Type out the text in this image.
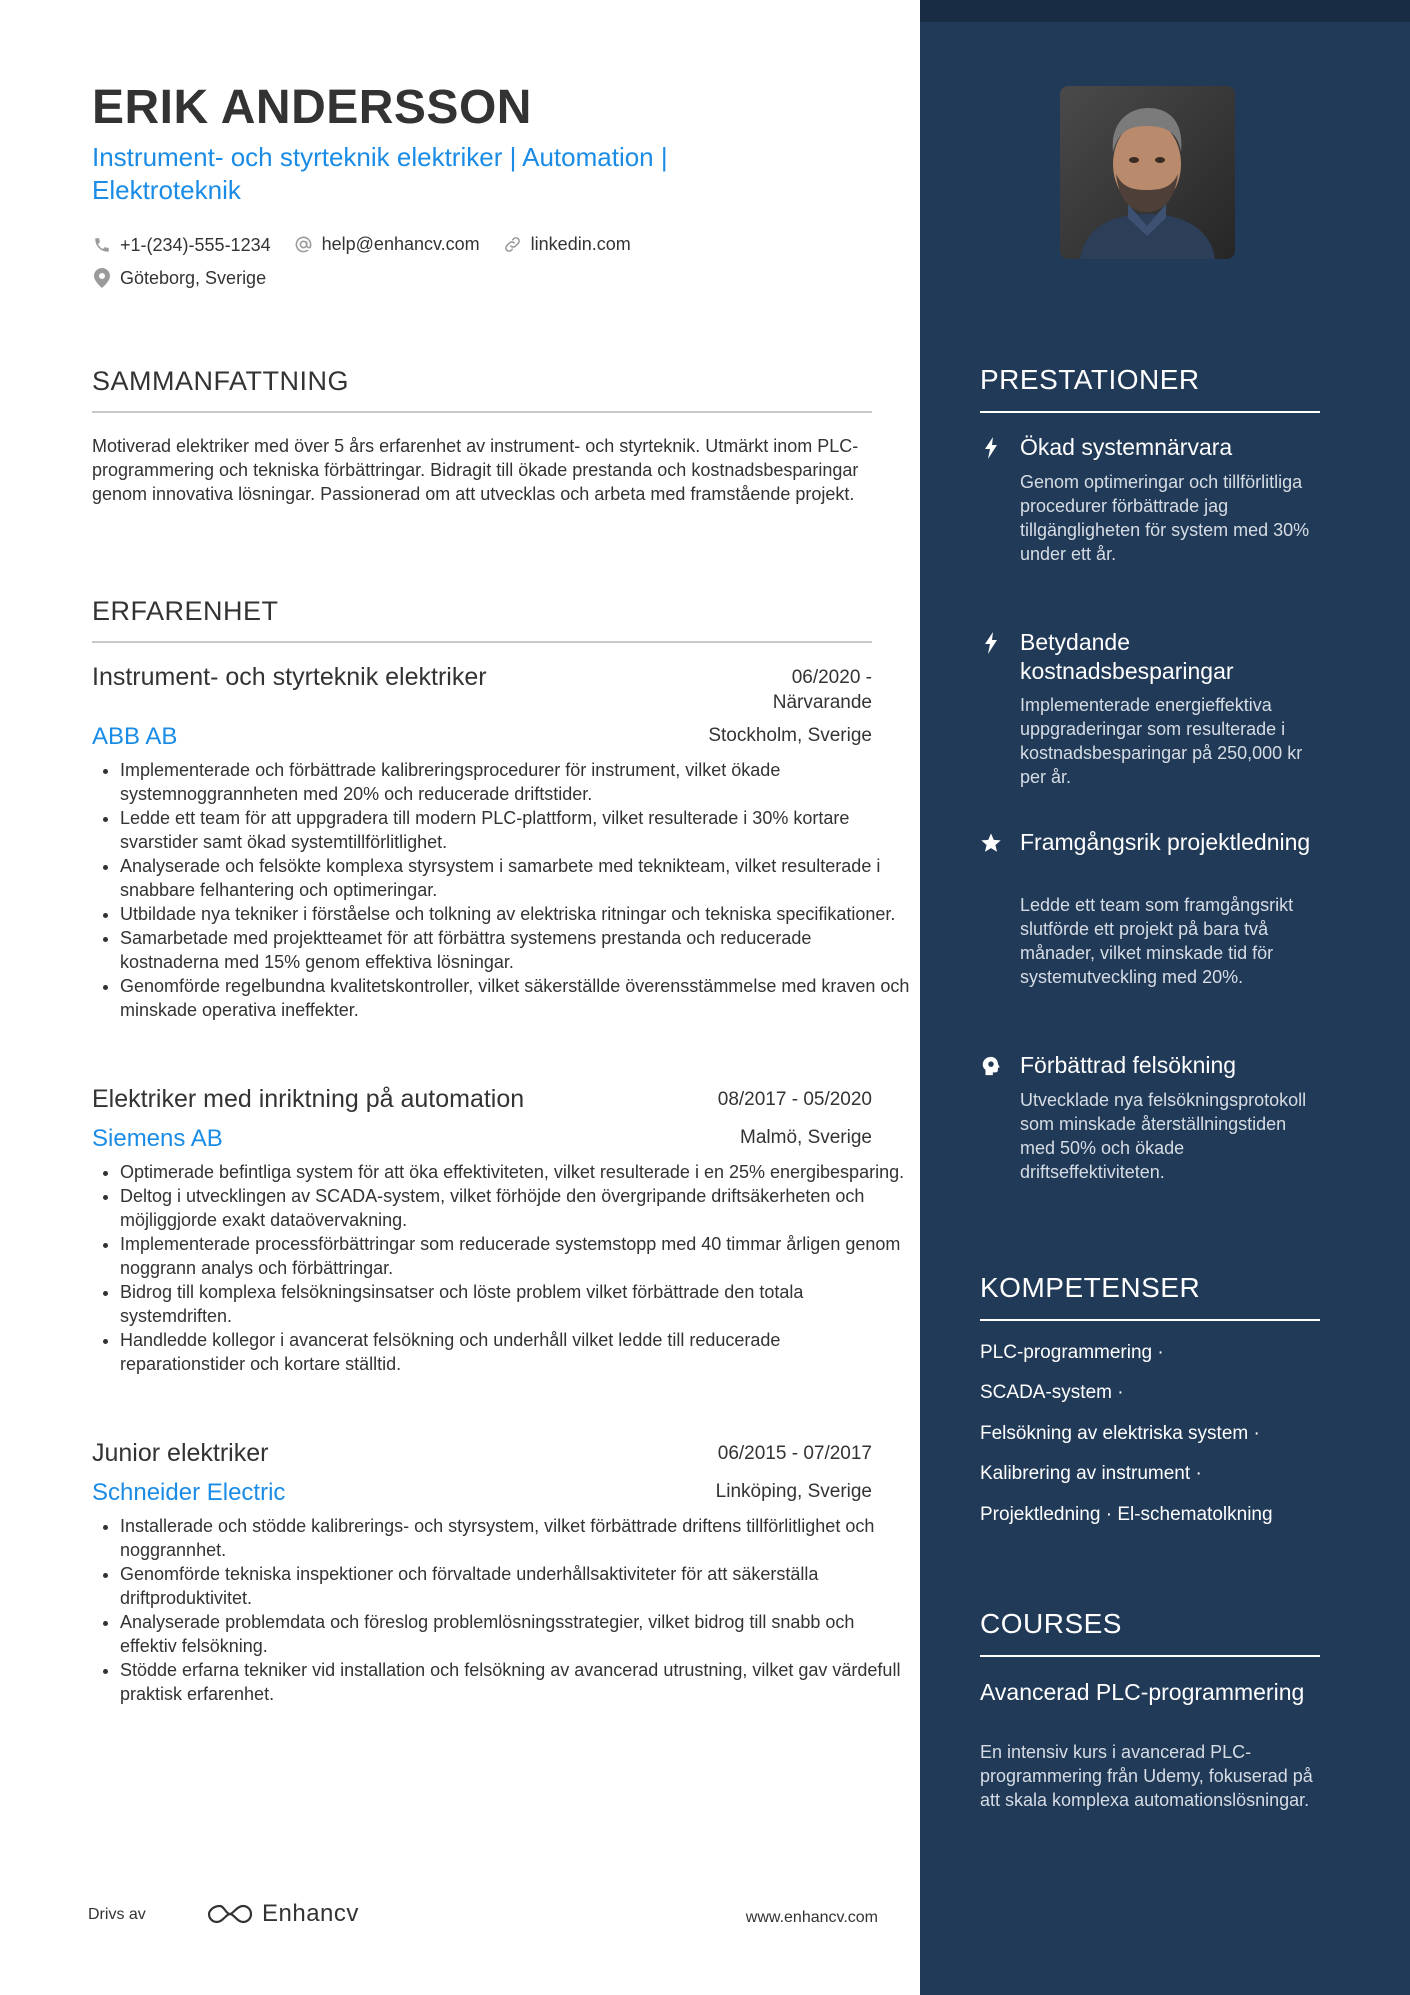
ERIK ANDERSSON
Instrument- och styrteknik elektriker | Automation | Elektroteknik
+1-(234)-555-1234
	help@enhancv.com
	linkedin.com
Göteborg, Sverige
SAMMANFATTNING
Motiverad elektriker med över 5 års erfarenhet av instrument- och styrteknik. Utmärkt inom PLC-programmering och tekniska förbättringar. Bidragit till ökade prestanda och kostnadsbesparingar genom innovativa lösningar. Passionerad om att utvecklas och arbeta med framstående projekt.
ERFARENHET
Instrument- och styrteknik elektriker	06/2020 -
Närvarande
ABB AB	Stockholm, Sverige
• Implementerade och förbättrade kalibreringsprocedurer för instrument, vilket ökade systemnoggrannheten med 20% och reducerade driftstider.
• Ledde ett team för att uppgradera till modern PLC-plattform, vilket resulterade i 30% kortare svarstider samt ökad systemtillförlitlighet.
• Analyserade och felsökte komplexa styrsystem i samarbete med teknikteam, vilket resulterade i snabbare felhantering och optimeringar.
• Utbildade nya tekniker i förståelse och tolkning av elektriska ritningar och tekniska specifikationer.
• Samarbetade med projektteamet för att förbättra systemens prestanda och reducerade kostnaderna med 15% genom effektiva lösningar.
• Genomförde regelbundna kvalitetskontroller, vilket säkerställde överensstämmelse med kraven och minskade operativa ineffekter.
Elektriker med inriktning på automation	08/2017 - 05/2020
Siemens AB	Malmö, Sverige
• Optimerade befintliga system för att öka effektiviteten, vilket resulterade i en 25% energibesparing.
• Deltog i utvecklingen av SCADA-system, vilket förhöjde den övergripande driftsäkerheten och möjliggjorde exakt dataövervakning.
• Implementerade processförbättringar som reducerade systemstopp med 40 timmar årligen genom noggrann analys och förbättringar.
• Bidrog till komplexa felsökningsinsatser och löste problem vilket förbättrade den totala systemdriften.
• Handledde kollegor i avancerat felsökning och underhåll vilket ledde till reducerade reparationstider och kortare ställtid.
Junior elektriker	06/2015 - 07/2017
Schneider Electric	Linköping, Sverige
• Installerade och stödde kalibrerings- och styrsystem, vilket förbättrade driftens tillförlitlighet och noggrannhet.
• Genomförde tekniska inspektioner och förvaltade underhållsaktiviteter för att säkerställa driftproduktivitet.
• Analyserade problemdata och föreslog problemlösningsstrategier, vilket bidrog till snabb och effektiv felsökning.
• Stödde erfarna tekniker vid installation och felsökning av avancerad utrustning, vilket gav värdefull praktisk erfarenhet.
Drivs av	Enhancv	www.enhancv.com
PRESTATIONER
Ökad systemnärvara
Genom optimeringar och tillförlitliga procedurer förbättrade jag tillgängligheten för system med 30% under ett år.
Betydande kostnadsbesparingar
Implementerade energieffektiva uppgraderingar som resulterade i kostnadsbesparingar på 250,000 kr per år.
Framgångsrik projektledning
Ledde ett team som framgångsrikt slutförde ett projekt på bara två månader, vilket minskade tid för systemutveckling med 20%.
Förbättrad felsökning
Utvecklade nya felsökningsprotokoll som minskade återställningstiden med 50% och ökade driftseffektiviteten.
KOMPETENSER
PLC-programmering ·
SCADA-system ·
Felsökning av elektriska system ·
Kalibrering av instrument ·
Projektledning · El-schematolkning
COURSES
Avancerad PLC-programmering
En intensiv kurs i avancerad PLC-programmering från Udemy, fokuserad på att skala komplexa automationslösningar.
